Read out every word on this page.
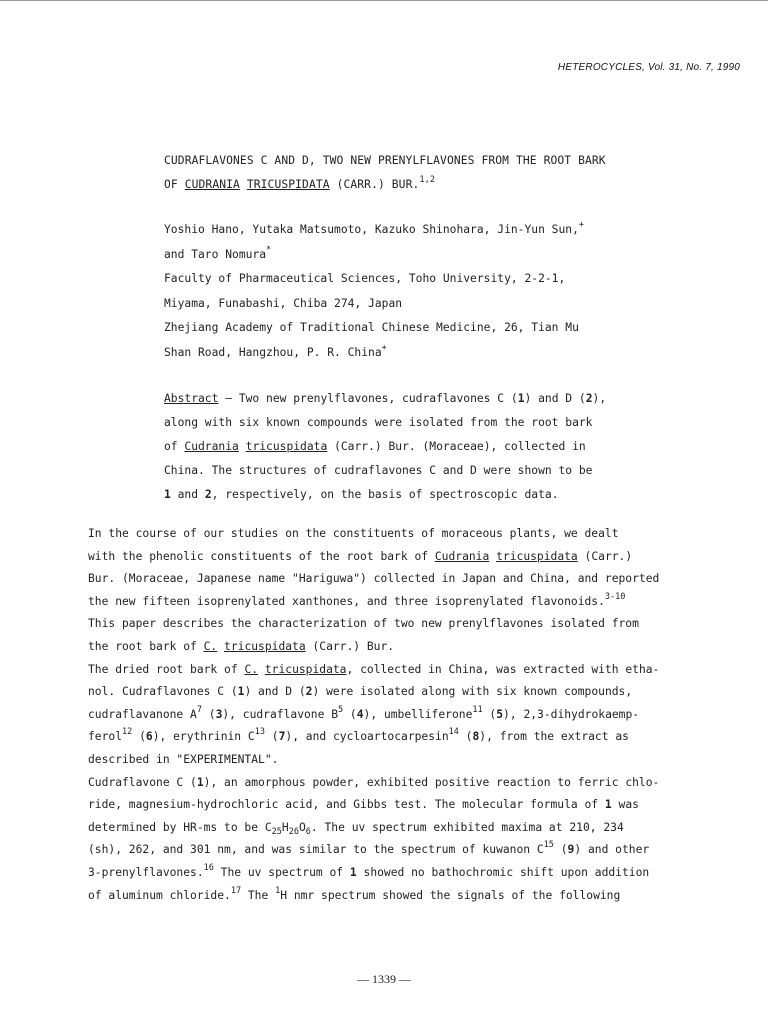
HETEROCYCLES, Vol. 31, No. 7, 1990
CUDRAFLAVONES C AND D, TWO NEW PRENYLFLAVONES FROM THE ROOT BARK
OF CUDRANIA TRICUSPIDATA (CARR.) BUR.$^{1,2}$
Yoshio Hano, Yutaka Matsumoto, Kazuko Shinohara, Jin-Yun Sun,+
and Taro Nomura*
Faculty of Pharmaceutical Sciences, Toho University, 2-2-1,
Miyama, Funabashi, Chiba 274, Japan
Zhejiang Academy of Traditional Chinese Medicine, 26, Tian Mu
Shan Road, Hangzhou, P. R. China+
Abstract — Two new prenylflavones, cudraflavones C (1) and D (2),
along with six known compounds were isolated from the root bark
of Cudrania tricuspidata (Carr.) Bur. (Moraceae), collected in
China. The structures of cudraflavones C and D were shown to be
1 and 2, respectively, on the basis of spectroscopic data.
In the course of our studies on the constituents of moraceous plants, we dealt
with the phenolic constituents of the root bark of Cudrania tricuspidata (Carr.)
Bur. (Moraceae, Japanese name "Hariguwa") collected in Japan and China, and reported
the new fifteen isoprenylated xanthones, and three isoprenylated flavonoids.$^{3-10}$
This paper describes the characterization of two new prenylflavones isolated from
the root bark of C. tricuspidata (Carr.) Bur.
The dried root bark of C. tricuspidata, collected in China, was extracted with etha-
nol. Cudraflavones C (1) and D (2) were isolated along with six known compounds,
cudraflavanone $A^7$ (3), cudraflavone $B^5$ (4), umbelliferone$^{11}$ (5), 2,3-dihydrokaemp-
ferol$^{12}$ (6), erythrinin $C^{13}$ (7), and cycloartocarpesin$^{14}$ (8), from the extract as
described in "EXPERIMENTAL".
Cudraflavone C (1), an amorphous powder, exhibited positive reaction to ferric chlo-
ride, magnesium-hydrochloric acid, and Gibbs test. The molecular formula of 1 was
determined by HR-ms to be $C_{25}H_{26}O_6$. The uv spectrum exhibited maxima at 210, 234
(sh), 262, and 301 nm, and was similar to the spectrum of kuwanon $C^{15}$ (9) and other
3-prenylflavones.$^{16}$ The uv spectrum of 1 showed no bathochromic shift upon addition
of aluminum chloride.$^{17}$ The $^1$H nmr spectrum showed the signals of the following
— 1339 —
